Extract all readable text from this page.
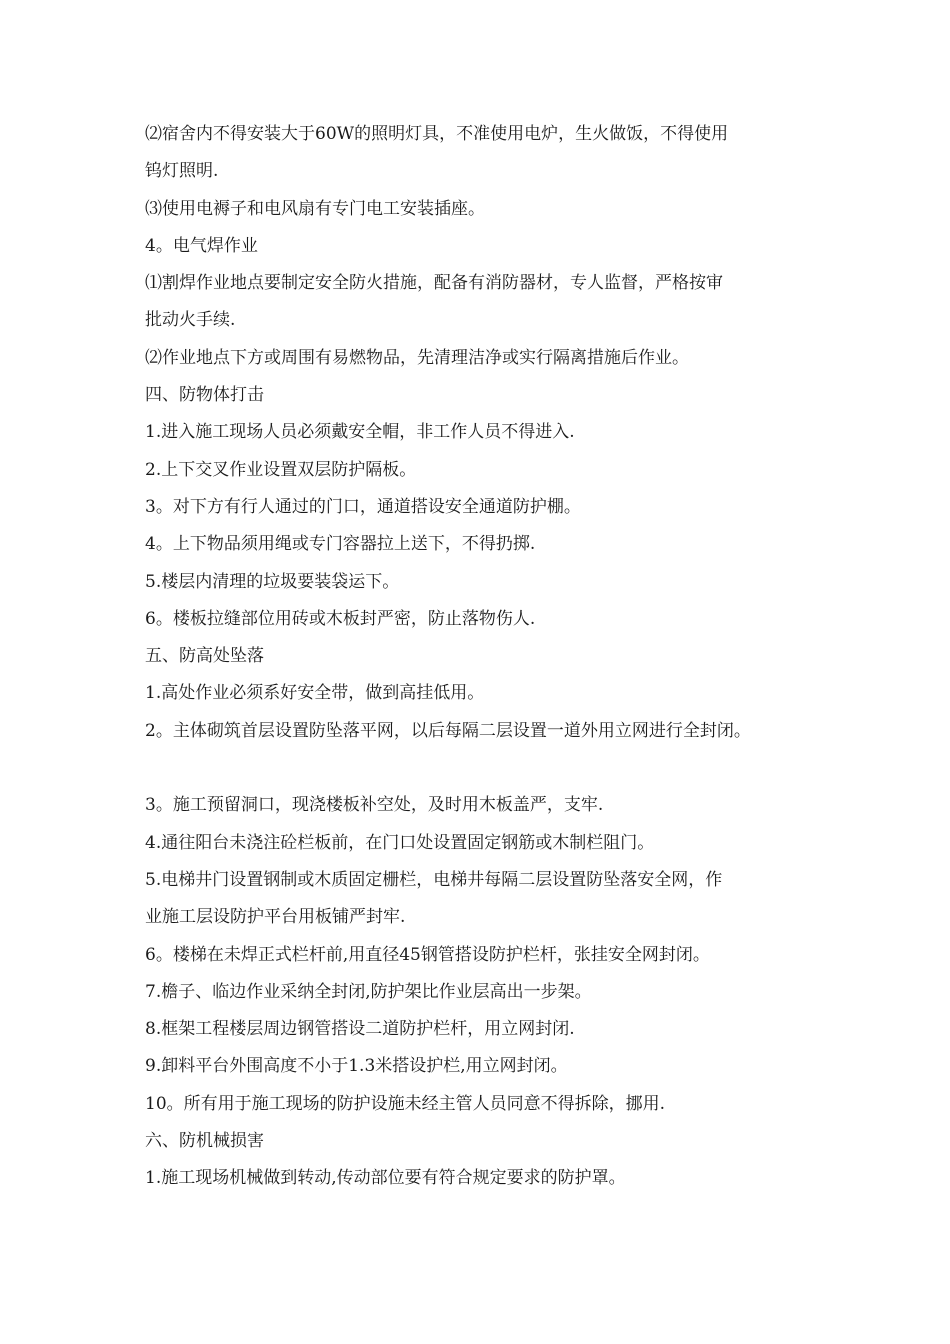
⑵宿舍内不得安装大于60W的照明灯具，不准使用电炉，生火做饭，不得使用
钨灯照明.
⑶使用电褥子和电风扇有专门电工安装插座。
4。电气焊作业
⑴割焊作业地点要制定安全防火措施，配备有消防器材，专人监督，严格按审
批动火手续.
⑵作业地点下方或周围有易燃物品，先清理洁净或实行隔离措施后作业。
四、防物体打击
1.进入施工现场人员必须戴安全帽，非工作人员不得进入.
2.上下交叉作业设置双层防护隔板。
3。对下方有行人通过的门口，通道搭设安全通道防护棚。
4。上下物品须用绳或专门容器拉上送下，不得扔掷.
5.楼层内清理的垃圾要装袋运下。
6。楼板拉缝部位用砖或木板封严密，防止落物伤人.
五、防高处坠落
1.高处作业必须系好安全带，做到高挂低用。
2。主体砌筑首层设置防坠落平网，以后每隔二层设置一道外用立网进行全封闭。
3。施工预留洞口，现浇楼板补空处，及时用木板盖严，支牢.
4.通往阳台未浇注砼栏板前，在门口处设置固定钢筋或木制栏阻门。
5.电梯井门设置钢制或木质固定栅栏，电梯井每隔二层设置防坠落安全网，作
业施工层设防护平台用板铺严封牢.
6。楼梯在未焊正式栏杆前,用直径45钢管搭设防护栏杆，张挂安全网封闭。
7.檐子、临边作业采纳全封闭,防护架比作业层高出一步架。
8.框架工程楼层周边钢管搭设二道防护栏杆，用立网封闭.
9.卸料平台外围高度不小于1.3米搭设护栏,用立网封闭。
10。所有用于施工现场的防护设施未经主管人员同意不得拆除，挪用.
六、防机械损害
1.施工现场机械做到转动,传动部位要有符合规定要求的防护罩。
